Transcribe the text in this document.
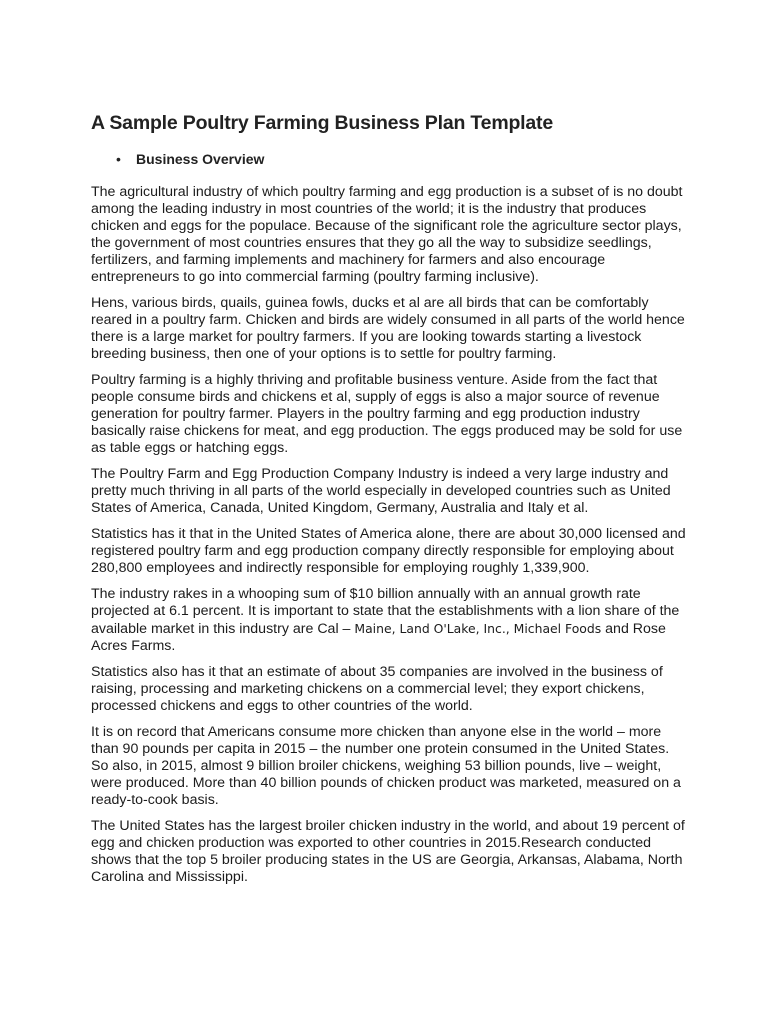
A Sample Poultry Farming Business Plan Template
• Business Overview

The agricultural industry of which poultry farming and egg production is a subset of is no doubt among the leading industry in most countries of the world; it is the industry that produces chicken and eggs for the populace. Because of the significant role the agriculture sector plays, the government of most countries ensures that they go all the way to subsidize seedlings, fertilizers, and farming implements and machinery for farmers and also encourage entrepreneurs to go into commercial farming (poultry farming inclusive).

Hens, various birds, quails, guinea fowls, ducks et al are all birds that can be comfortably reared in a poultry farm. Chicken and birds are widely consumed in all parts of the world hence there is a large market for poultry farmers. If you are looking towards starting a livestock breeding business, then one of your options is to settle for poultry farming.

Poultry farming is a highly thriving and profitable business venture. Aside from the fact that people consume birds and chickens et al, supply of eggs is also a major source of revenue generation for poultry farmer. Players in the poultry farming and egg production industry basically raise chickens for meat, and egg production. The eggs produced may be sold for use as table eggs or hatching eggs.

The Poultry Farm and Egg Production Company Industry is indeed a very large industry and pretty much thriving in all parts of the world especially in developed countries such as United States of America, Canada, United Kingdom, Germany, Australia and Italy et al.

Statistics has it that in the United States of America alone, there are about 30,000 licensed and registered poultry farm and egg production company directly responsible for employing about 280,800 employees and indirectly responsible for employing roughly 1,339,900.

The industry rakes in a whooping sum of $10 billion annually with an annual growth rate projected at 6.1 percent. It is important to state that the establishments with a lion share of the available market in this industry are Cal – Maine, Land O'Lake, Inc., Michael Foods and Rose Acres Farms.

Statistics also has it that an estimate of about 35 companies are involved in the business of raising, processing and marketing chickens on a commercial level; they export chickens, processed chickens and eggs to other countries of the world.

It is on record that Americans consume more chicken than anyone else in the world – more than 90 pounds per capita in 2015 – the number one protein consumed in the United States. So also, in 2015, almost 9 billion broiler chickens, weighing 53 billion pounds, live – weight, were produced. More than 40 billion pounds of chicken product was marketed, measured on a ready-to-cook basis.

The United States has the largest broiler chicken industry in the world, and about 19 percent of egg and chicken production was exported to other countries in 2015.Research conducted shows that the top 5 broiler producing states in the US are Georgia, Arkansas, Alabama, North Carolina and Mississippi.
